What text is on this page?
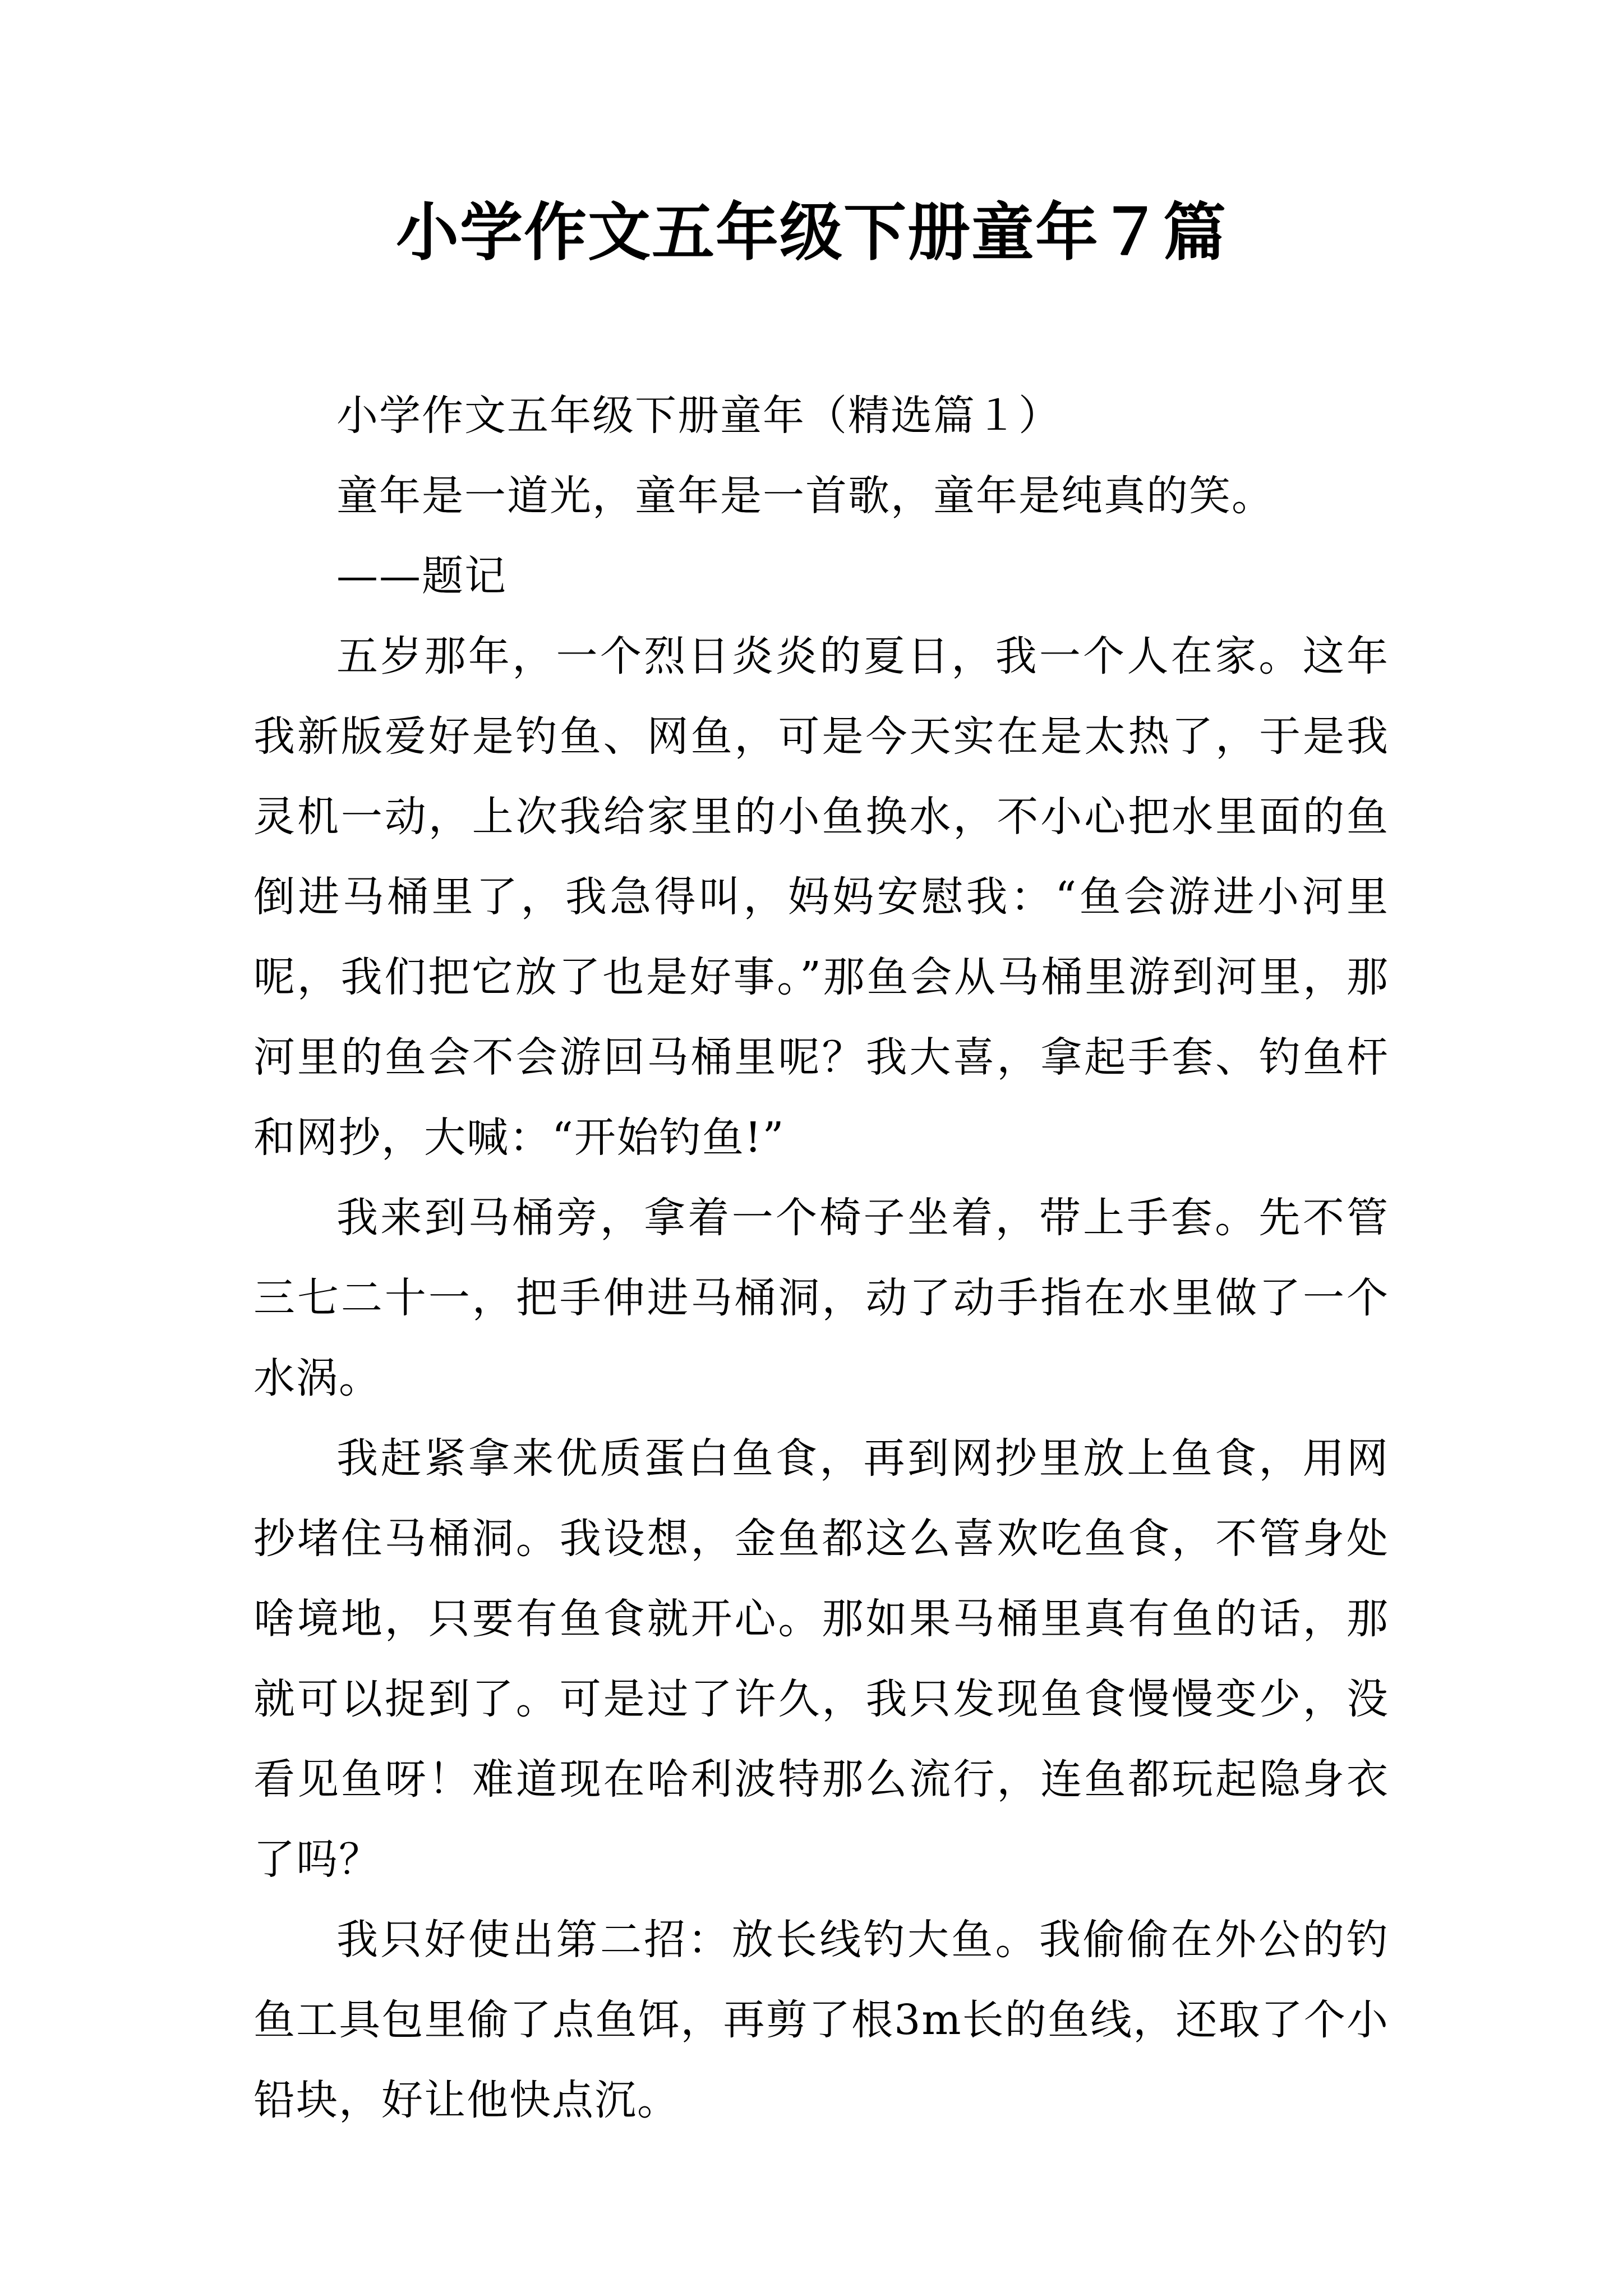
小学作文五年级下册童年７篇

小学作文五年级下册童年（精选篇１）

童年是一道光，童年是一首歌，童年是纯真的笑。

——题记

五岁那年，一个烈日炎炎的夏日，我一个人在家。这年我新版爱好是钓鱼、网鱼，可是今天实在是太热了，于是我灵机一动，上次我给家里的小鱼换水，不小心把水里面的鱼倒进马桶里了，我急得叫，妈妈安慰我：“鱼会游进小河里呢，我们把它放了也是好事。”那鱼会从马桶里游到河里，那河里的鱼会不会游回马桶里呢？我大喜，拿起手套、钓鱼杆和网抄，大喊：“开始钓鱼!”

我来到马桶旁，拿着一个椅子坐着，带上手套。先不管三七二十一，把手伸进马桶洞，动了动手指在水里做了一个水涡。

我赶紧拿来优质蛋白鱼食，再到网抄里放上鱼食，用网抄堵住马桶洞。我设想，金鱼都这么喜欢吃鱼食，不管身处啥境地，只要有鱼食就开心。那如果马桶里真有鱼的话，那就可以捉到了。可是过了许久，我只发现鱼食慢慢变少，没看见鱼呀！难道现在哈利波特那么流行，连鱼都玩起隐身衣了吗？

我只好使出第二招：放长线钓大鱼。我偷偷在外公的钓鱼工具包里偷了点鱼饵，再剪了根3m长的鱼线，还取了个小铅块，好让他快点沉。
